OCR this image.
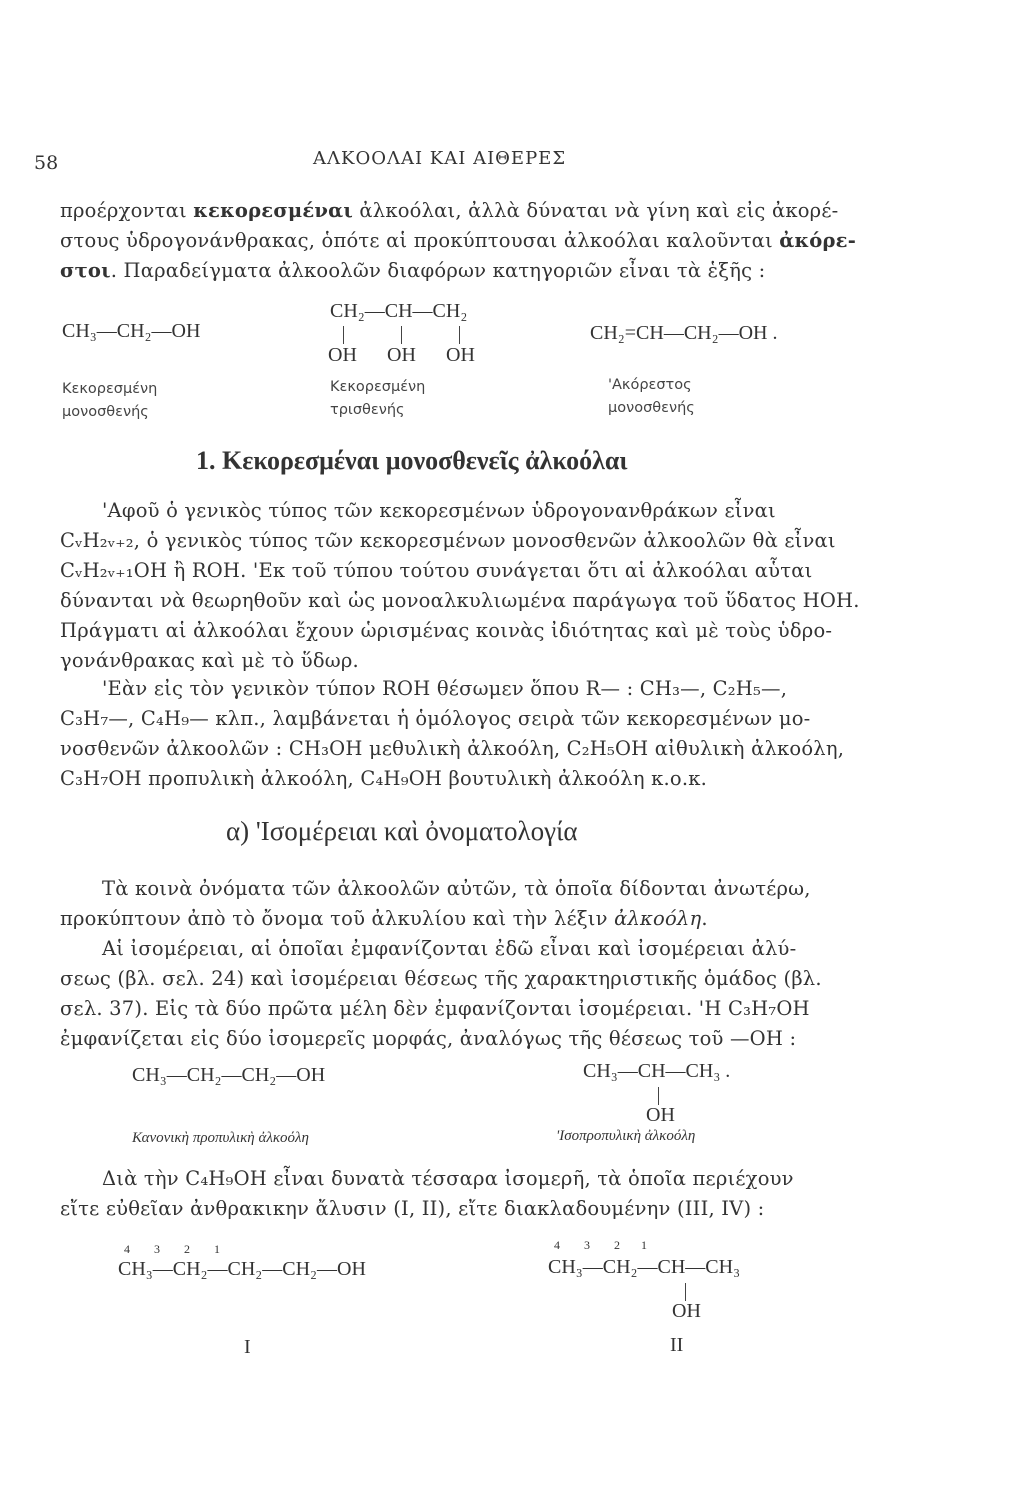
58	ΑΛΚΟΟΛΑΙ ΚΑΙ ΑΙΘΕΡΕΣ
προέρχονται κεκορεσμέναι ἀλκοόλαι, ἀλλὰ δύναται νὰ γίνη καὶ εἰς ἀκορέ-
στους ὑδρογονάνθρακας, ὁπότε αἱ προκύπτουσαι ἀλκοόλαι καλοῦνται ἀκόρε-
στοι. Παραδείγματα ἀλκοολῶν διαφόρων κατηγοριῶν εἶναι τὰ ἑξῆς :
CH₃—CH₂—OH
CH₂—CH—CH₂
OH OH OH
CH₂=CH—CH₂—OH .
Κεκορεσμένη
μονοσθενής
Κεκορεσμένη
τρισθενής
'Ακόρεστος
μονοσθενής
1. Κεκορεσμέναι μονοσθενεῖς ἀλκοόλαι
'Αφοῦ ὁ γενικὸς τύπος τῶν κεκορεσμένων ὑδρογονανθράκων εἶναι
CᵥH₂ᵥ₊₂, ὁ γενικὸς τύπος τῶν κεκορεσμένων μονοσθενῶν ἀλκοολῶν θὰ εἶναι
CᵥH₂ᵥ₊₁OH ἢ ROH. 'Εκ τοῦ τύπου τούτου συνάγεται ὅτι αἱ ἀλκοόλαι αὗται
δύνανται νὰ θεωρηθοῦν καὶ ὡς μονοαλκυλιωμένα παράγωγα τοῦ ὕδατος HOH.
Πράγματι αἱ ἀλκοόλαι ἔχουν ὡρισμένας κοινὰς ἰδιότητας καὶ μὲ τοὺς ὑδρο-
γονάνθρακας καὶ μὲ τὸ ὕδωρ.
'Εὰν εἰς τὸν γενικὸν τύπον ROH θέσωμεν ὅπου R— : CH₃—, C₂H₅—,
C₃H₇—, C₄H₉— κλπ., λαμβάνεται ἡ ὁμόλογος σειρὰ τῶν κεκορεσμένων μο-
νοσθενῶν ἀλκοολῶν : CH₃OH μεθυλικὴ ἀλκοόλη, C₂H₅OH αἰθυλικὴ ἀλκοόλη,
C₃H₇OH προπυλικὴ ἀλκοόλη, C₄H₉OH βουτυλικὴ ἀλκοόλη κ.ο.κ.
α) 'Ισομέρειαι καὶ ὀνοματολογία
Τὰ κοινὰ ὀνόματα τῶν ἀλκοολῶν αὐτῶν, τὰ ὁποῖα δίδονται ἀνωτέρω,
προκύπτουν ἀπὸ τὸ ὄνομα τοῦ ἀλκυλίου καὶ τὴν λέξιν ἀλκοόλη.
Αἱ ἰσομέρειαι, αἱ ὁποῖαι ἐμφανίζονται ἐδῶ εἶναι καὶ ἰσομέρειαι ἀλύ-
σεως (βλ. σελ. 24) καὶ ἰσομέρειαι θέσεως τῆς χαρακτηριστικῆς ὁμάδος (βλ.
σελ. 37). Εἰς τὰ δύο πρῶτα μέλη δὲν ἐμφανίζονται ἰσομέρειαι. 'Η C₃H₇OH
ἐμφανίζεται εἰς δύο ἰσομερεῖς μορφάς, ἀναλόγως τῆς θέσεως τοῦ —OH :
CH₃—CH₂—CH₂—OH	CH₃—CH—CH₃ .
OH
Κανονικὴ προπυλικὴ ἀλκοόλη	'Ισοπροπυλικὴ ἀλκοόλη
Διὰ τὴν C₄H₉OH εἶναι δυνατὰ τέσσαρα ἰσομερῆ, τὰ ὁποῖα περιέχουν
εἴτε εὐθεῖαν ἀνθρακικην ἄλυσιν (I, II), εἴτε διακλαδουμένην (III, IV) :
4        3        2        1
CH₃—CH₂—CH₂—CH₂—OH
I
4        3        2       1
CH₃—CH₂—CH—CH₃
OH
II
